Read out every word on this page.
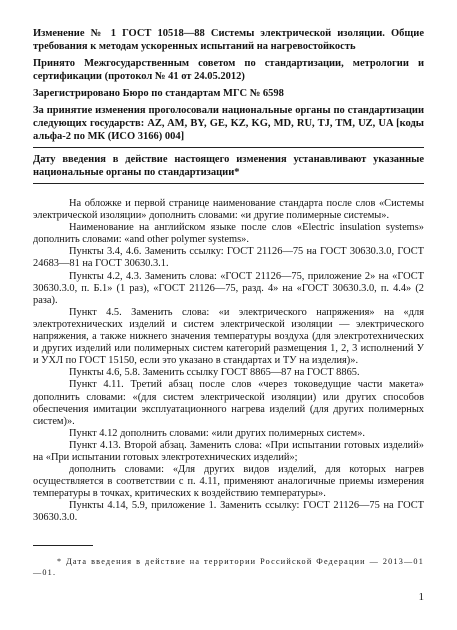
Изменение № 1 ГОСТ 10518—88 Системы электрической изоляции. Общие требования к методам ускоренных испытаний на нагревостойкость

Принято Межгосударственным советом по стандартизации, метрологии и сертификации (протокол № 41 от 24.05.2012)

Зарегистрировано Бюро по стандартам МГС № 6598

За принятие изменения проголосовали национальные органы по стандартизации следующих государств: AZ, AM, BY, GE, KZ, KG, MD, RU, TJ, TM, UZ, UA [коды альфа-2 по МК (ИСО 3166) 004]

Дату введения в действие настоящего изменения устанавливают указанные национальные органы по стандартизации*

На обложке и первой странице наименование стандарта после слов «Системы электрической изоляции» дополнить словами: «и другие полимерные системы».

Наименование на английском языке после слов «Electric insulation systems» дополнить словами: «and other polymer systems».

Пункты 3.4, 4.6. Заменить ссылку: ГОСТ 21126—75 на ГОСТ 30630.3.0, ГОСТ 24683—81 на ГОСТ 30630.3.1.

Пункты 4.2, 4.3. Заменить слова: «ГОСТ 21126—75, приложение 2» на «ГОСТ 30630.3.0, п. Б.1» (1 раз), «ГОСТ 21126—75, разд. 4» на «ГОСТ 30630.3.0, п. 4.4» (2 раза).

Пункт 4.5. Заменить слова: «и электрического напряжения» на «для электротехнических изделий и систем электрической изоляции — электрического напряжения, а также нижнего значения температуры воздуха (для электротехнических и других изделий или полимерных систем категорий размещения 1, 2, 3 исполнений У и УХЛ по ГОСТ 15150, если это указано в стандартах и ТУ на изделия)».

Пункты 4.6, 5.8. Заменить ссылку ГОСТ 8865—87 на ГОСТ 8865.

Пункт 4.11. Третий абзац после слов «через токоведущие части макета» дополнить словами: «(для систем электрической изоляции) или других способов обеспечения имитации эксплуатационного нагрева изделий (для других полимерных систем)».

Пункт 4.12 дополнить словами: «или других полимерных систем».

Пункт 4.13. Второй абзац. Заменить слова: «При испытании готовых изделий» на «При испытании готовых электротехнических изделий»;

дополнить словами: «Для других видов изделий, для которых нагрев осуществляется в соответствии с п. 4.11, применяют аналогичные приемы измерения температуры в точках, критических к воздействию температуры».

Пункты 4.14, 5.9, приложение 1. Заменить ссылку: ГОСТ 21126—75 на ГОСТ 30630.3.0.

* Дата введения в действие на территории Российской Федерации — 2013—01—01.

1
